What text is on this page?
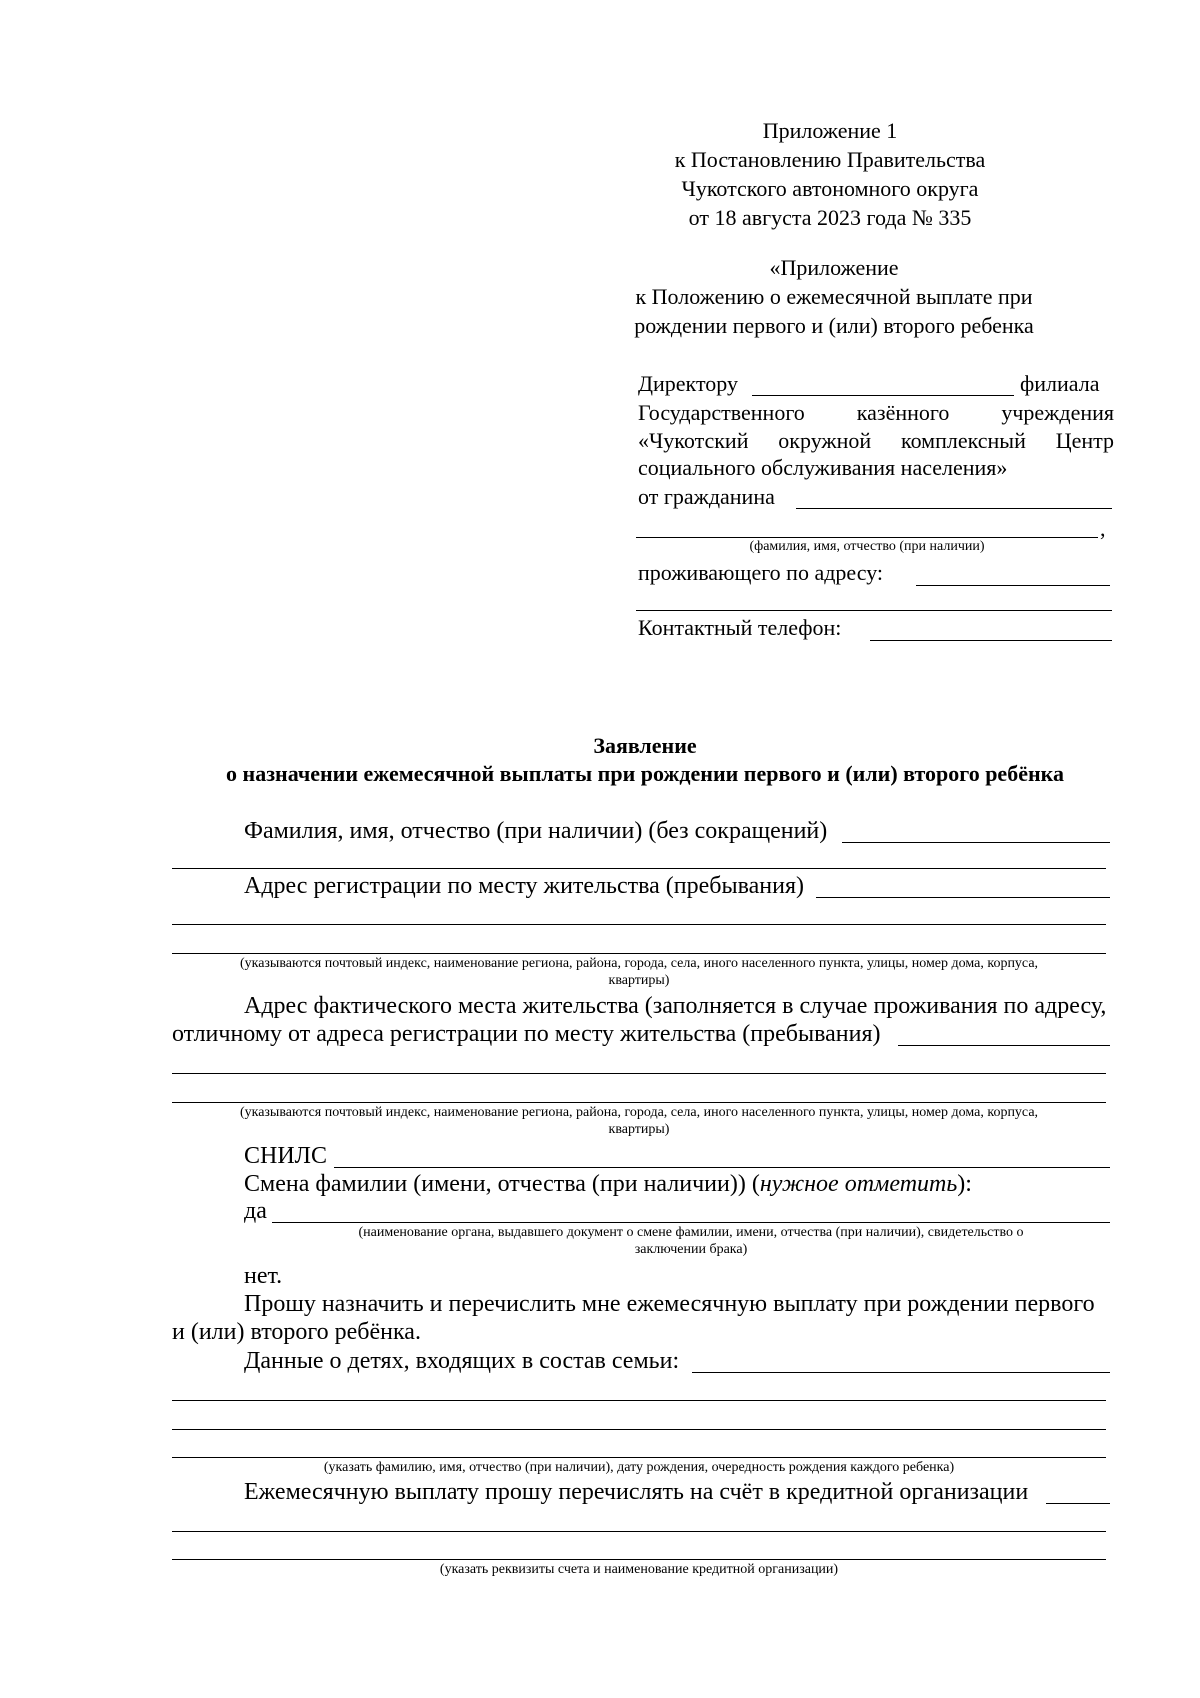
Приложение 1
к Постановлению Правительства
Чукотского автономного округа
от 18 августа 2023 года № 335
«Приложение
к Положению о ежемесячной выплате при
рождении первого и (или) второго ребенка
Директору	филиала
Государственного казённого учреждения
«Чукотский окружной комплексный Центр
социального обслуживания населения»
от гражданина
,
(фамилия, имя, отчество (при наличии)
проживающего по адресу:
Контактный телефон:
Заявление
о назначении ежемесячной выплаты при рождении первого и (или) второго ребёнка
Фамилия, имя, отчество (при наличии) (без сокращений)
Адрес регистрации по месту жительства (пребывания)
(указываются почтовый индекс, наименование региона, района, города, села, иного населенного пункта, улицы, номер дома, корпуса,
квартиры)
Адрес фактического места жительства (заполняется в случае проживания по адресу,
отличному от адреса регистрации по месту жительства (пребывания)
(указываются почтовый индекс, наименование региона, района, города, села, иного населенного пункта, улицы, номер дома, корпуса,
квартиры)
СНИЛС
Смена фамилии (имени, отчества (при наличии)) (нужное отметить):
да
(наименование органа, выдавшего документ о смене фамилии, имени, отчества (при наличии), свидетельство о
заключении брака)
нет.
Прошу назначить и перечислить мне ежемесячную выплату при рождении первого
и (или) второго ребёнка.
Данные о детях, входящих в состав семьи:
(указать фамилию, имя, отчество (при наличии), дату рождения, очередность рождения каждого ребенка)
Ежемесячную выплату прошу перечислять на счёт в кредитной организации
(указать реквизиты счета и наименование кредитной организации)
